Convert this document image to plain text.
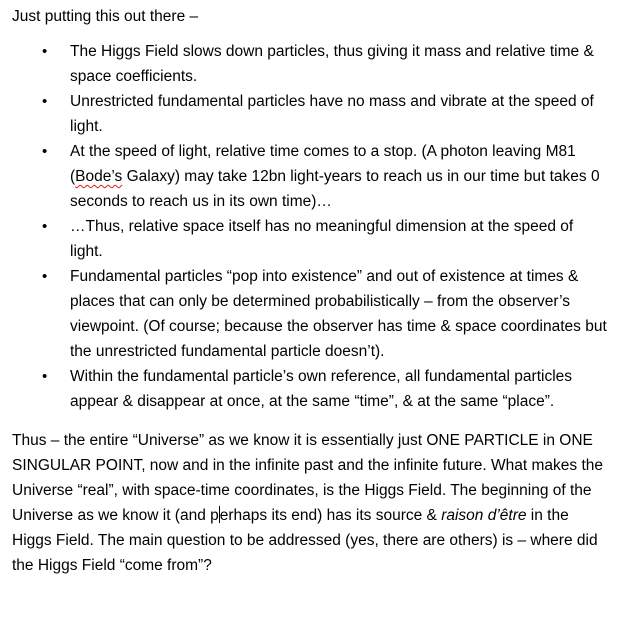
Just putting this out there –

• The Higgs Field slows down particles, thus giving it mass and relative time & space coefficients.
• Unrestricted fundamental particles have no mass and vibrate at the speed of light.
• At the speed of light, relative time comes to a stop. (A photon leaving M81 (Bode’s Galaxy) may take 12bn light-years to reach us in our time but takes 0 seconds to reach us in its own time)…
• …Thus, relative space itself has no meaningful dimension at the speed of light.
• Fundamental particles “pop into existence” and out of existence at times & places that can only be determined probabilistically – from the observer’s viewpoint. (Of course; because the observer has time & space coordinates but the unrestricted fundamental particle doesn’t).
• Within the fundamental particle’s own reference, all fundamental particles appear & disappear at once, at the same “time”, & at the same “place”.

Thus – the entire “Universe” as we know it is essentially just ONE PARTICLE in ONE SINGULAR POINT, now and in the infinite past and the infinite future. What makes the Universe “real”, with space-time coordinates, is the Higgs Field. The beginning of the Universe as we know it (and perhaps its end) has its source & raison d’être in the Higgs Field. The main question to be addressed (yes, there are others) is – where did the Higgs Field “come from”?
